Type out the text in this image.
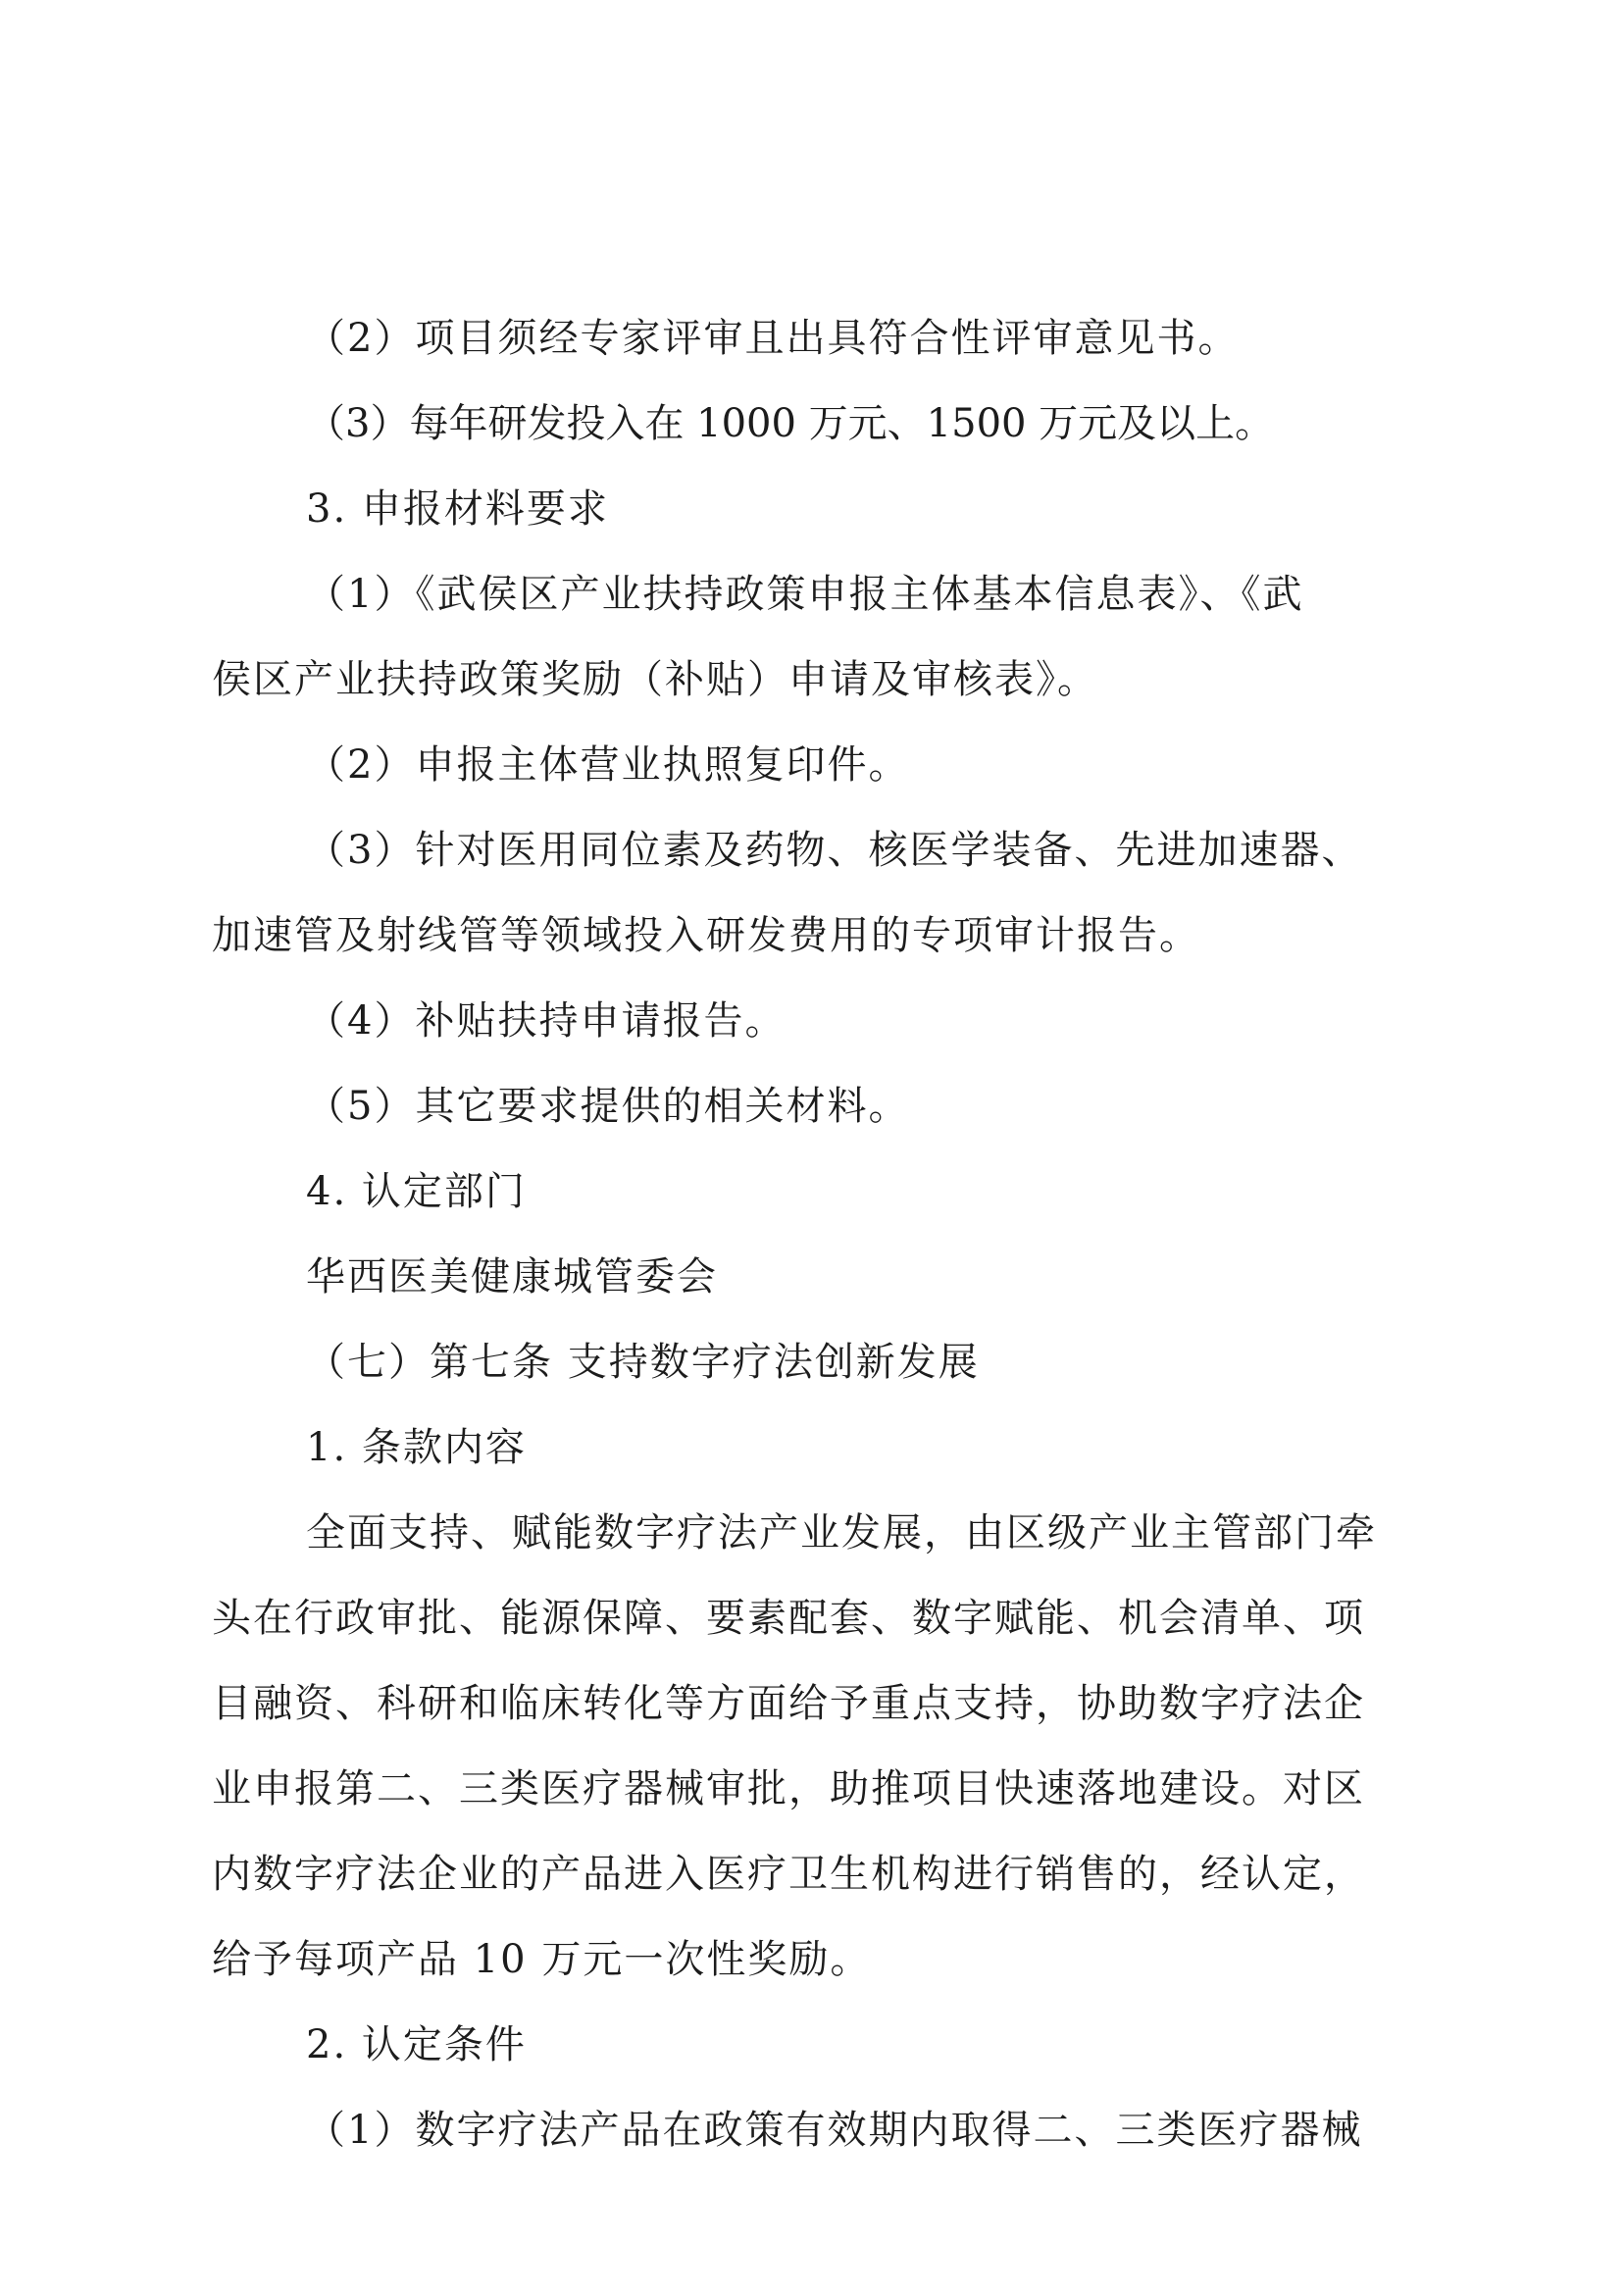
（2）项目须经专家评审且出具符合性评审意见书。

（3）每年研发投入在 1000 万元、1500 万元及以上。

3. 申报材料要求

（1）《武侯区产业扶持政策申报主体基本信息表》、《武

侯区产业扶持政策奖励（补贴）申请及审核表》。

（2）申报主体营业执照复印件。

（3）针对医用同位素及药物、核医学装备、先进加速器、

加速管及射线管等领域投入研发费用的专项审计报告。

（4）补贴扶持申请报告。

（5）其它要求提供的相关材料。

4. 认定部门

华西医美健康城管委会

（七）第七条 支持数字疗法创新发展

1. 条款内容

全面支持、赋能数字疗法产业发展，由区级产业主管部门牵

头在行政审批、能源保障、要素配套、数字赋能、机会清单、项

目融资、科研和临床转化等方面给予重点支持，协助数字疗法企

业申报第二、三类医疗器械审批，助推项目快速落地建设。对区

内数字疗法企业的产品进入医疗卫生机构进行销售的，经认定，

给予每项产品 10 万元一次性奖励。

2. 认定条件

（1）数字疗法产品在政策有效期内取得二、三类医疗器械
